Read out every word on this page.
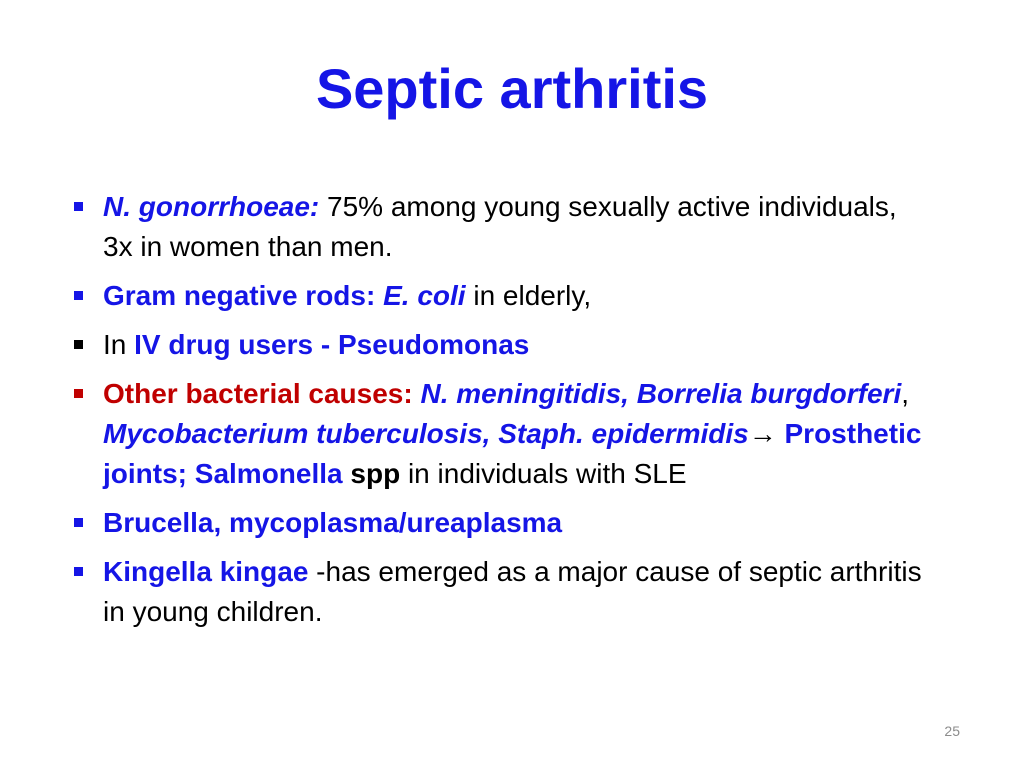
Septic arthritis
N. gonorrhoeae: 75% among young sexually active individuals, 3x in women than men.
Gram negative rods: E. coli in elderly,
In IV drug users - Pseudomonas
Other bacterial causes: N. meningitidis, Borrelia burgdorferi, Mycobacterium tuberculosis, Staph. epidermidis→ Prosthetic joints; Salmonella spp in individuals with SLE
Brucella, mycoplasma/ureaplasma
Kingella kingae -has emerged as a major cause of septic arthritis in young children.
25
